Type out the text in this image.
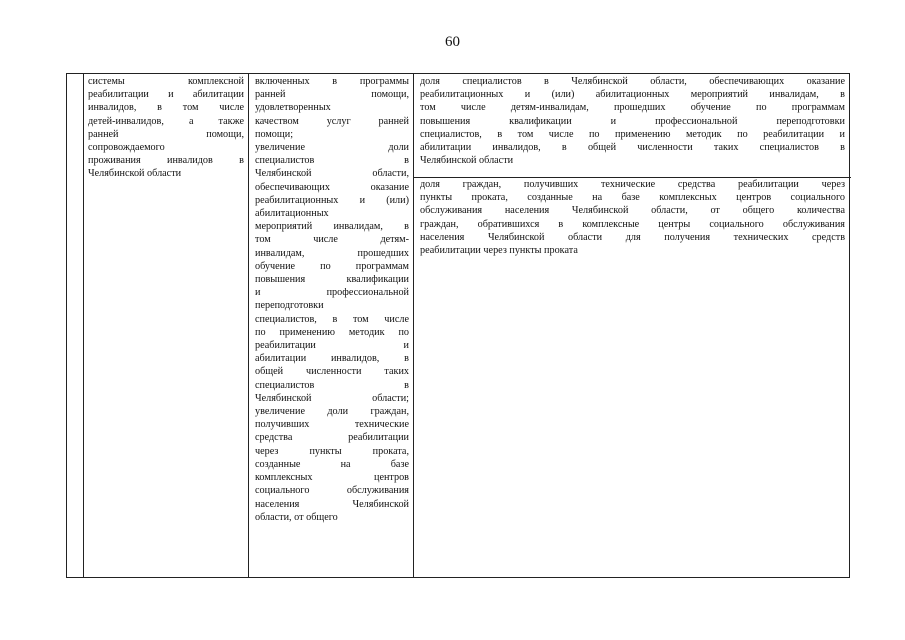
60
системы комплексной
реабилитации и абилитации
инвалидов, в том числе
детей-инвалидов, а также
ранней помощи,
сопровождаемого
проживания инвалидов в
Челябинской области
включенных в программы
ранней помощи,
удовлетворенных
качеством услуг ранней
помощи;
увеличение доли
специалистов в
Челябинской области,
обеспечивающих оказание
реабилитационных и (или)
абилитационных
мероприятий инвалидам, в
том числе детям-
инвалидам, прошедших
обучение по программам
повышения квалификации
и профессиональной
переподготовки
специалистов, в том числе
по применению методик по
реабилитации и
абилитации инвалидов, в
общей численности таких
специалистов в
Челябинской области;
увеличение доли граждан,
получивших технические
средства реабилитации
через пункты проката,
созданные на базе
комплексных центров
социального обслуживания
населения Челябинской
области, от общего
доля специалистов в Челябинской области, обеспечивающих оказание
реабилитационных и (или) абилитационных мероприятий инвалидам, в
том числе детям-инвалидам, прошедших обучение по программам
повышения квалификации и профессиональной переподготовки
специалистов, в том числе по применению методик по реабилитации и
абилитации инвалидов, в общей численности таких специалистов в
Челябинской области
доля граждан, получивших технические средства реабилитации через
пункты проката, созданные на базе комплексных центров социального
обслуживания населения Челябинской области, от общего количества
граждан, обратившихся в комплексные центры социального обслуживания
населения Челябинской области для получения технических средств
реабилитации через пункты проката
